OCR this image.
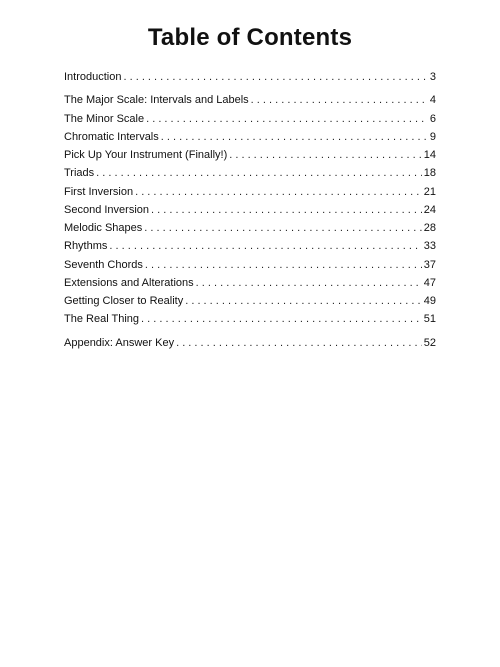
Table of Contents
Introduction . . .	3
The Major Scale: Intervals and Labels . . .	4
The Minor Scale . . .	6
Chromatic Intervals . . .	9
Pick Up Your Instrument (Finally!) . . .	14
Triads . . .	18
First Inversion . . .	21
Second Inversion . . .	24
Melodic Shapes . . .	28
Rhythms . . .	33
Seventh Chords . . .	37
Extensions and Alterations . . .	47
Getting Closer to Reality . . .	49
The Real Thing . . .	51
Appendix: Answer Key . . .	52
